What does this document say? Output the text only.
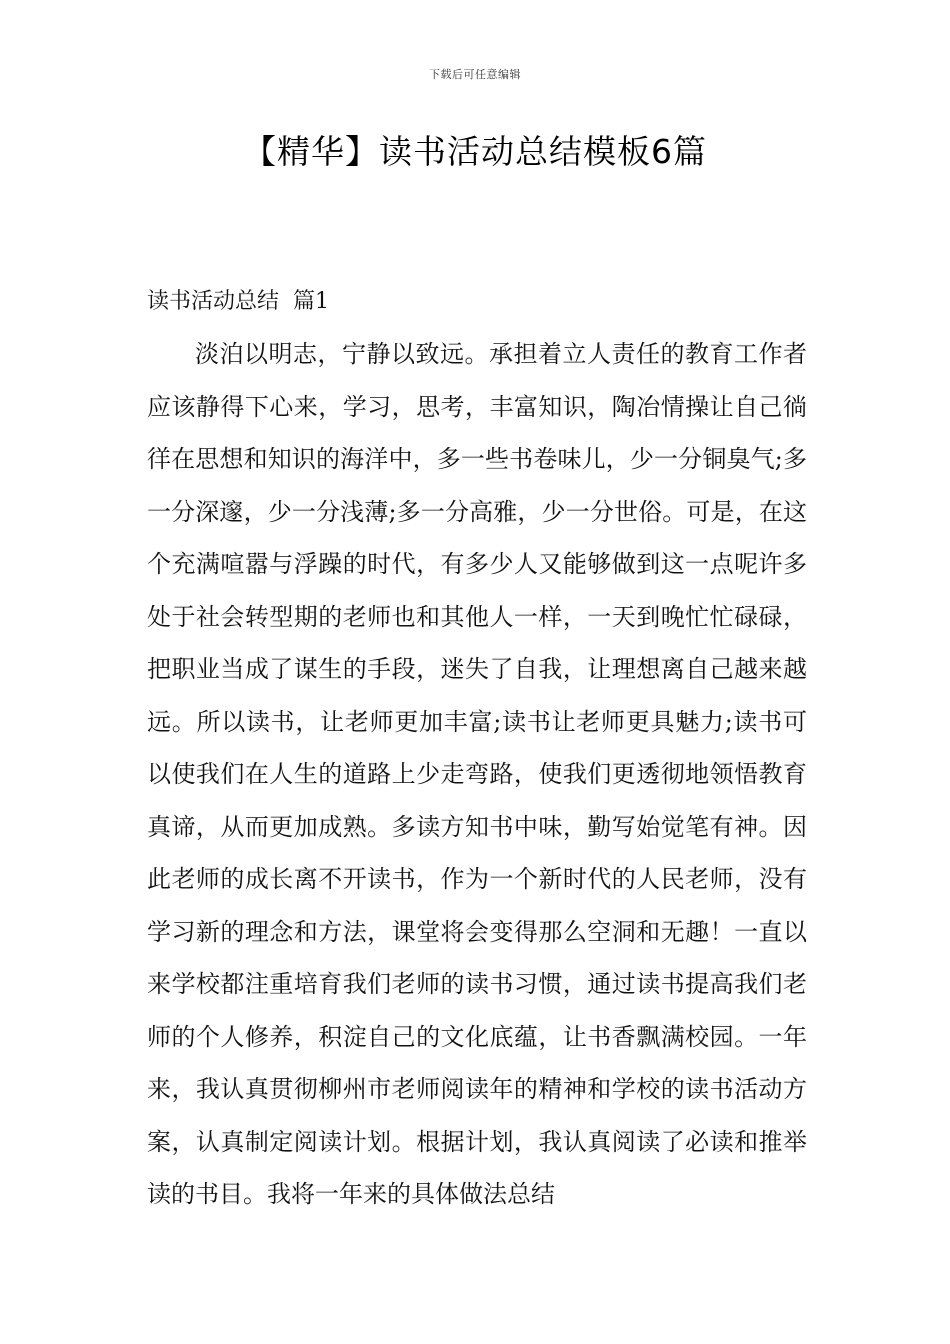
下载后可任意编辑
【精华】读书活动总结模板6篇
读书活动总结 篇1

淡泊以明志，宁静以致远。承担着立人责任的教育工作者应该静得下心来，学习，思考，丰富知识，陶冶情操让自己徜徉在思想和知识的海洋中，多一些书卷味儿，少一分铜臭气;多一分深邃，少一分浅薄;多一分高雅，少一分世俗。可是，在这个充满喧嚣与浮躁的时代，有多少人又能够做到这一点呢许多处于社会转型期的老师也和其他人一样，一天到晚忙忙碌碌，把职业当成了谋生的手段，迷失了自我，让理想离自己越来越远。所以读书，让老师更加丰富;读书让老师更具魅力;读书可以使我们在人生的道路上少走弯路，使我们更透彻地领悟教育真谛，从而更加成熟。多读方知书中味，勤写始觉笔有神。因此老师的成长离不开读书，作为一个新时代的人民老师，没有学习新的理念和方法，课堂将会变得那么空洞和无趣！一直以来学校都注重培育我们老师的读书习惯，通过读书提高我们老师的个人修养，积淀自己的文化底蕴，让书香飘满校园。一年来，我认真贯彻柳州市老师阅读年的精神和学校的读书活动方案，认真制定阅读计划。根据计划，我认真阅读了必读和推举读的书目。我将一年来的具体做法总结
